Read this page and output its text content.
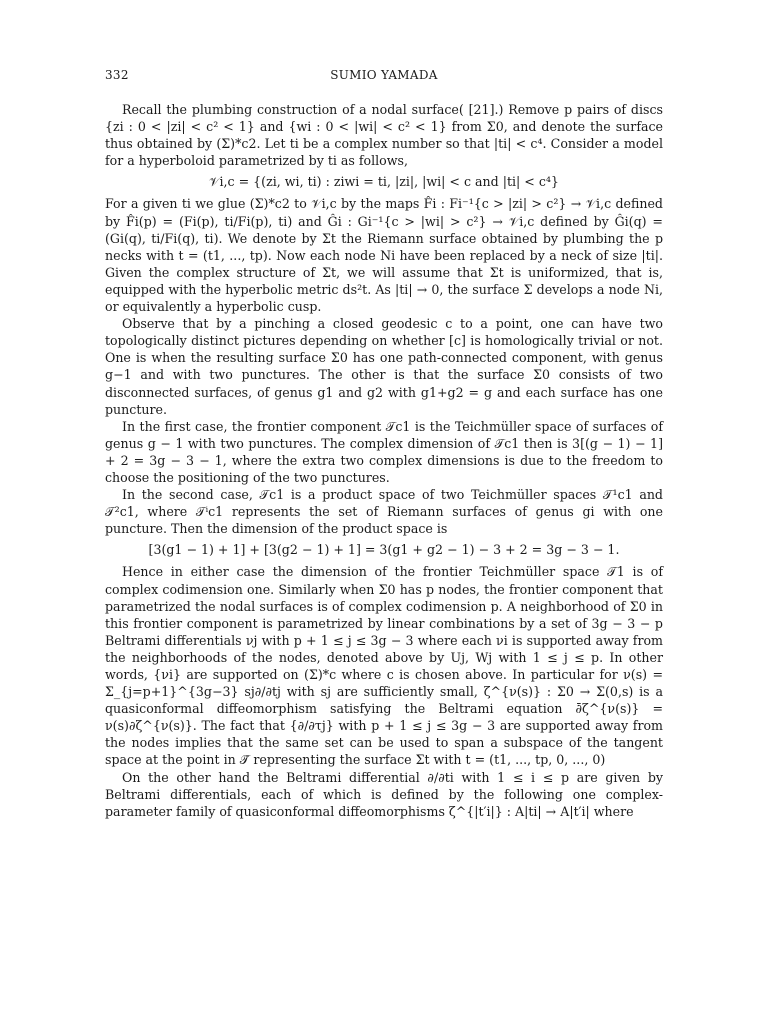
332	SUMIO YAMADA

Recall the plumbing construction of a nodal surface( [21].) Remove p pairs of discs {zi : 0 < |zi| < c² < 1} and {wi : 0 < |wi| < c² < 1} from Σ0, and denote the surface thus obtained by (Σ)*c2. Let ti be a complex number so that |ti| < c⁴. Consider a model for a hyperboloid parametrized by ti as follows,

𝒱i,c = {(zi, wi, ti) : ziwi = ti, |zi|, |wi| < c and |ti| < c⁴}

For a given ti we glue (Σ)*c2 to 𝒱i,c by the maps F̂i : Fi⁻¹{c > |zi| > c²} → 𝒱i,c defined by F̂i(p) = (Fi(p), ti/Fi(p), ti) and Ĝi : Gi⁻¹{c > |wi| > c²} → 𝒱i,c defined by Ĝi(q) = (Gi(q), ti/Fi(q), ti). We denote by Σt the Riemann surface obtained by plumbing the p necks with t = (t1, ..., tp). Now each node Ni have been replaced by a neck of size |ti|. Given the complex structure of Σt, we will assume that Σt is uniformized, that is, equipped with the hyperbolic metric ds²t. As |ti| → 0, the surface Σ develops a node Ni, or equivalently a hyperbolic cusp.

Observe that by a pinching a closed geodesic c to a point, one can have two topologically distinct pictures depending on whether [c] is homologically trivial or not. One is when the resulting surface Σ0 has one path-connected component, with genus g−1 and with two punctures. The other is that the surface Σ0 consists of two disconnected surfaces, of genus g1 and g2 with g1+g2 = g and each surface has one puncture.

In the first case, the frontier component 𝒯c1 is the Teichmüller space of surfaces of genus g − 1 with two punctures. The complex dimension of 𝒯c1 then is 3[(g − 1) − 1] + 2 = 3g − 3 − 1, where the extra two complex dimensions is due to the freedom to choose the positioning of the two punctures.

In the second case, 𝒯c1 is a product space of two Teichmüller spaces 𝒯¹c1 and 𝒯²c1, where 𝒯ⁱc1 represents the set of Riemann surfaces of genus gi with one puncture. Then the dimension of the product space is

[3(g1 − 1) + 1] + [3(g2 − 1) + 1] = 3(g1 + g2 − 1) − 3 + 2 = 3g − 3 − 1.

Hence in either case the dimension of the frontier Teichmüller space 𝒯1 is of complex codimension one. Similarly when Σ0 has p nodes, the frontier component that parametrized the nodal surfaces is of complex codimension p. A neighborhood of Σ0 in this frontier component is parametrized by linear combinations by a set of 3g − 3 − p Beltrami differentials νj with p + 1 ≤ j ≤ 3g − 3 where each νi is supported away from the neighborhoods of the nodes, denoted above by Uj, Wj with 1 ≤ j ≤ p. In other words, {νi} are supported on (Σ)*c where c is chosen above. In particular for ν(s) = Σ_{j=p+1}^{3g−3} sj∂/∂tj with sj are sufficiently small, ζ^{ν(s)} : Σ0 → Σ(0,s) is a quasiconformal diffeomorphism satisfying the Beltrami equation ∂̄ζ^{ν(s)} = ν(s)∂ζ^{ν(s)}. The fact that {∂/∂τj} with p + 1 ≤ j ≤ 3g − 3 are supported away from the nodes implies that the same set can be used to span a subspace of the tangent space at the point in 𝒯̄ representing the surface Σt with t = (t1, ..., tp, 0, ..., 0)

On the other hand the Beltrami differential ∂/∂ti with 1 ≤ i ≤ p are given by Beltrami differentials, each of which is defined by the following one complex-parameter family of quasiconformal diffeomorphisms ζ^{|t′i|} : A|ti| → A|t′i| where
